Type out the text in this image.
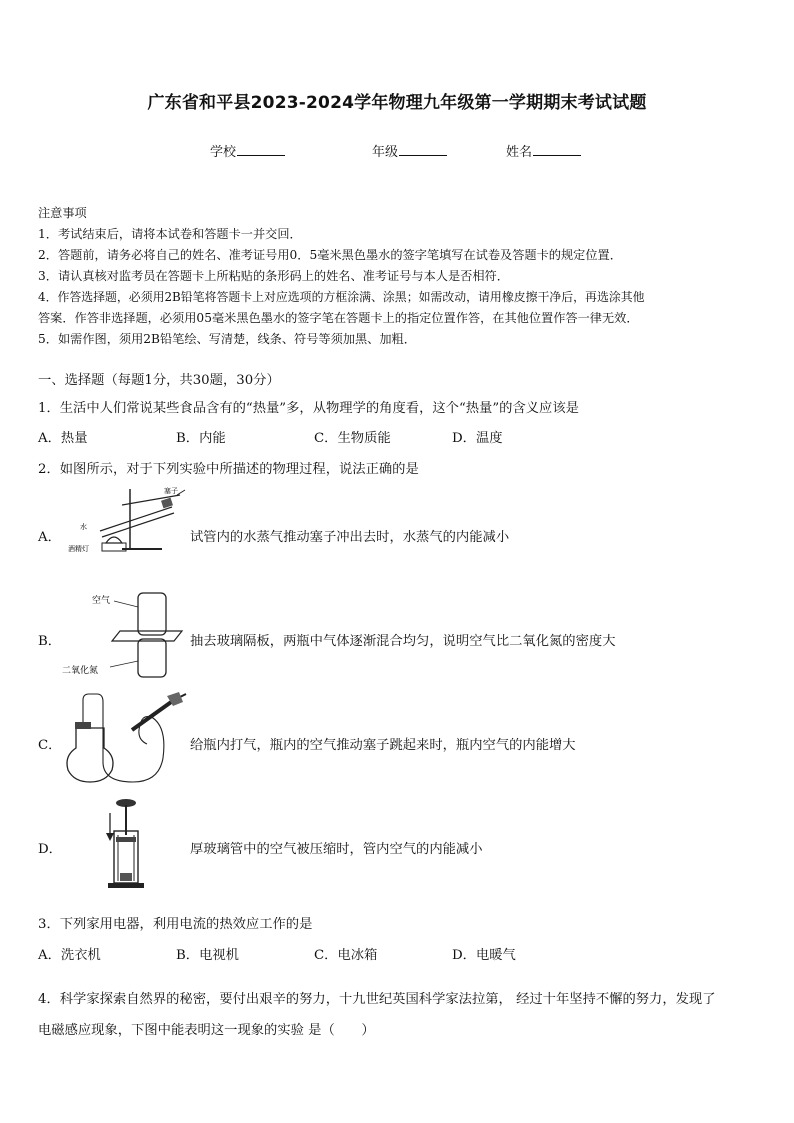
广东省和平县2023-2024学年物理九年级第一学期期末考试试题
学校	年级	姓名
注意事项
1．考试结束后，请将本试卷和答题卡一并交回．
2．答题前，请务必将自己的姓名、准考证号用0．5毫米黑色墨水的签字笔填写在试卷及答题卡的规定位置．
3．请认真核对监考员在答题卡上所粘贴的条形码上的姓名、准考证号与本人是否相符．
4．作答选择题，必须用2B铅笔将答题卡上对应选项的方框涂满、涂黑；如需改动，请用橡皮擦干净后，再选涂其他
答案．作答非选择题，必须用05毫米黑色墨水的签字笔在答题卡上的指定位置作答，在其他位置作答一律无效．
5．如需作图，须用2B铅笔绘、写清楚，线条、符号等须加黑、加粗．
一、选择题（每题1分，共30题，30分）
1．生活中人们常说某些食品含有的“热量”多，从物理学的角度看，这个“热量”的含义应该是
A．热量	B．内能	C．生物质能	D．温度
2．如图所示，对于下列实验中所描述的物理过程，说法正确的是
A．
塞子
水
酒精灯
试管内的水蒸气推动塞子冲出去时，水蒸气的内能减小
B．
空气
二氧化氮
抽去玻璃隔板，两瓶中气体逐渐混合均匀，说明空气比二氧化氮的密度大
C．	给瓶内打气，瓶内的空气推动塞子跳起来时，瓶内空气的内能增大
D．	厚玻璃管中的空气被压缩时，管内空气的内能减小
3．下列家用电器，利用电流的热效应工作的是
A．洗衣机	B．电视机	C．电冰箱	D．电暖气
4．科学家探索自然界的秘密，要付出艰辛的努力，十九世纪英国科学家法拉第， 经过十年坚持不懈的努力，发现了
电磁感应现象，下图中能表明这一现象的实验 是（　　）
